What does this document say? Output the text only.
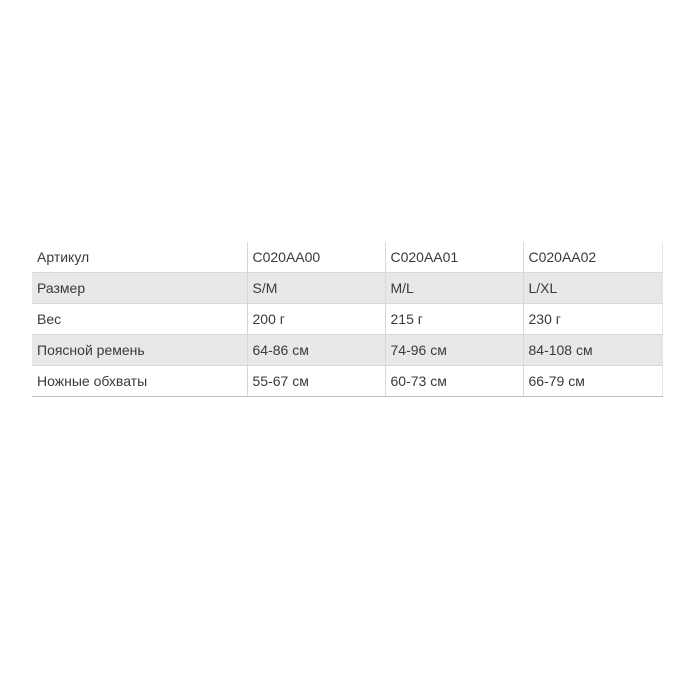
Артикул	C020AA00	C020AA01	C020AA02
Размер	S/M	M/L	L/XL
Вес	200 г	215 г	230 г
Поясной ремень	64-86 см	74-96 см	84-108 см
Ножные обхваты	55-67 см	60-73 см	66-79 см
